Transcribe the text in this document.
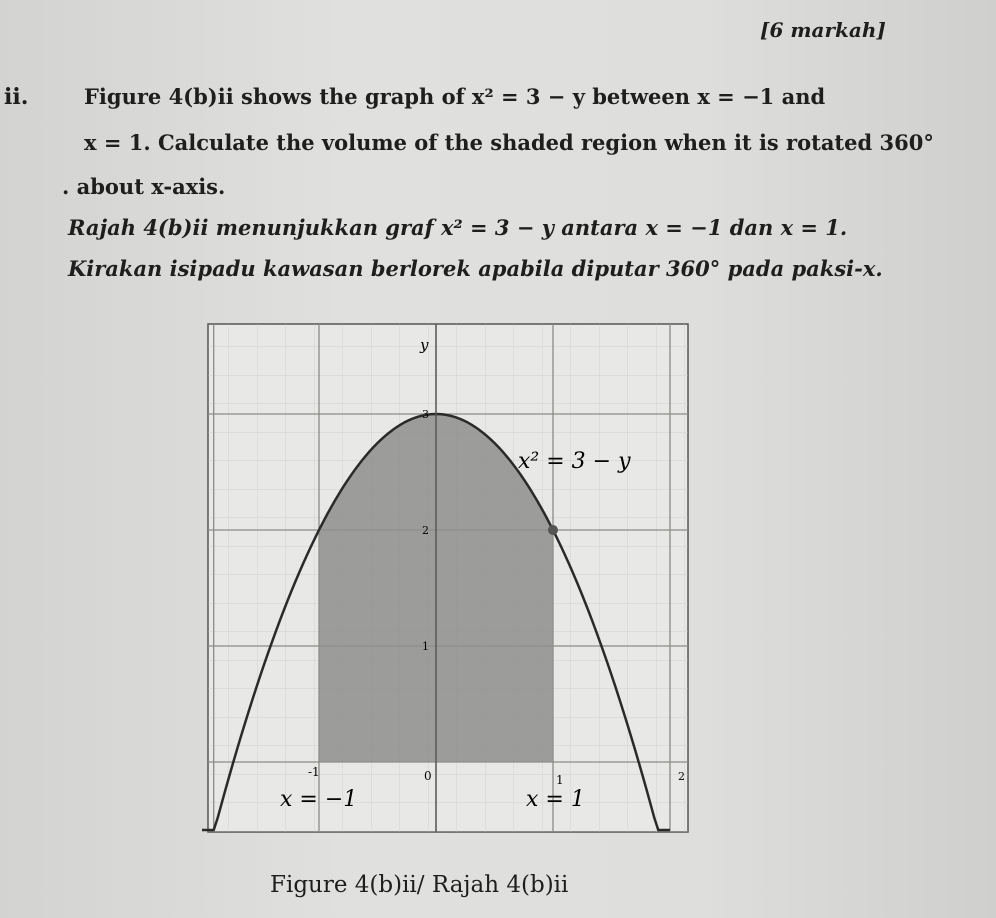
[6 markah]
ii.	Figure 4(b)ii shows the graph of x² = 3 − y between x = −1 and
x = 1. Calculate the volume of the shaded region when it is rotated 360°
. about x-axis.
Rajah 4(b)ii menunjukkan graf x² = 3 − y antara x = −1 dan x = 1.
Kirakan isipadu kawasan berlorek apabila diputar 360° pada paksi-x.
y
3
2
1
-1	0	1	2
x = −1	x = 1
x² = 3 − y
Figure 4(b)ii/ Rajah 4(b)ii
